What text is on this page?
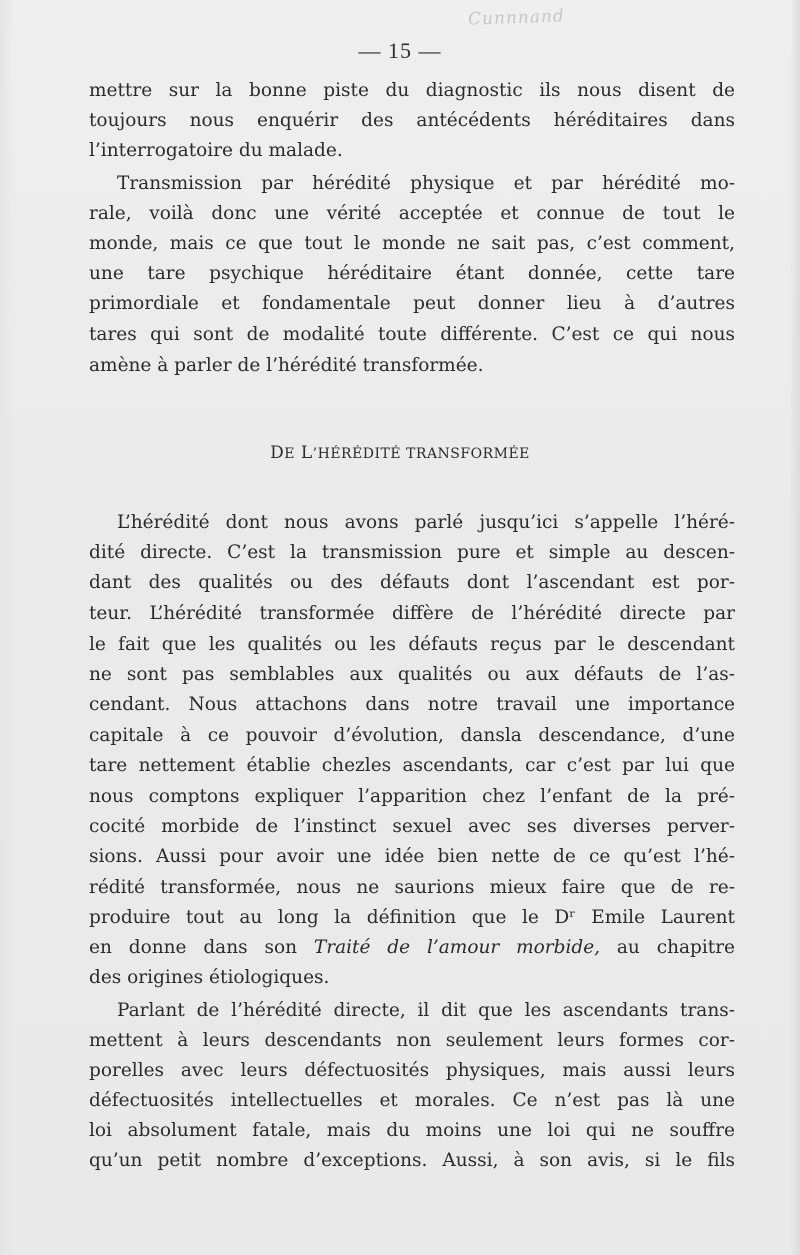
Cunnnand
— 15 —
mettre sur la bonne piste du diagnostic ils nous disent de
toujours nous enquérir des antécédents héréditaires dans
l’interrogatoire du malade.
Transmission par hérédité physique et par hérédité mo-
rale, voilà donc une vérité acceptée et connue de tout le
monde, mais ce que tout le monde ne sait pas, c’est comment,
une tare psychique héréditaire étant donnée, cette tare
primordiale et fondamentale peut donner lieu à d’autres
tares qui sont de modalité toute différente. C’est ce qui nous
amène à parler de l’hérédité transformée.
DE L’HÉRÉDITÉ TRANSFORMÉE
L’hérédité dont nous avons parlé jusqu’ici s’appelle l’héré-
dité directe. C’est la transmission pure et simple au descen-
dant des qualités ou des défauts dont l’ascendant est por-
teur. L’hérédité transformée diffère de l’hérédité directe par
le fait que les qualités ou les défauts reçus par le descendant
ne sont pas semblables aux qualités ou aux défauts de l’as-
cendant. Nous attachons dans notre travail une importance
capitale à ce pouvoir d’évolution, dansla descendance, d’une
tare nettement établie chezles ascendants, car c’est par lui que
nous comptons expliquer l’apparition chez l’enfant de la pré-
cocité morbide de l’instinct sexuel avec ses diverses perver-
sions. Aussi pour avoir une idée bien nette de ce qu’est l’hé-
rédité transformée, nous ne saurions mieux faire que de re-
produire tout au long la définition que le Dʳ Emile Laurent
en donne dans son Traité de l’amour morbide, au chapitre
des origines étiologiques.
Parlant de l’hérédité directe, il dit que les ascendants trans-
mettent à leurs descendants non seulement leurs formes cor-
porelles avec leurs défectuosités physiques, mais aussi leurs
défectuosités intellectuelles et morales. Ce n’est pas là une
loi absolument fatale, mais du moins une loi qui ne souffre
qu’un petit nombre d’exceptions. Aussi, à son avis, si le fils
